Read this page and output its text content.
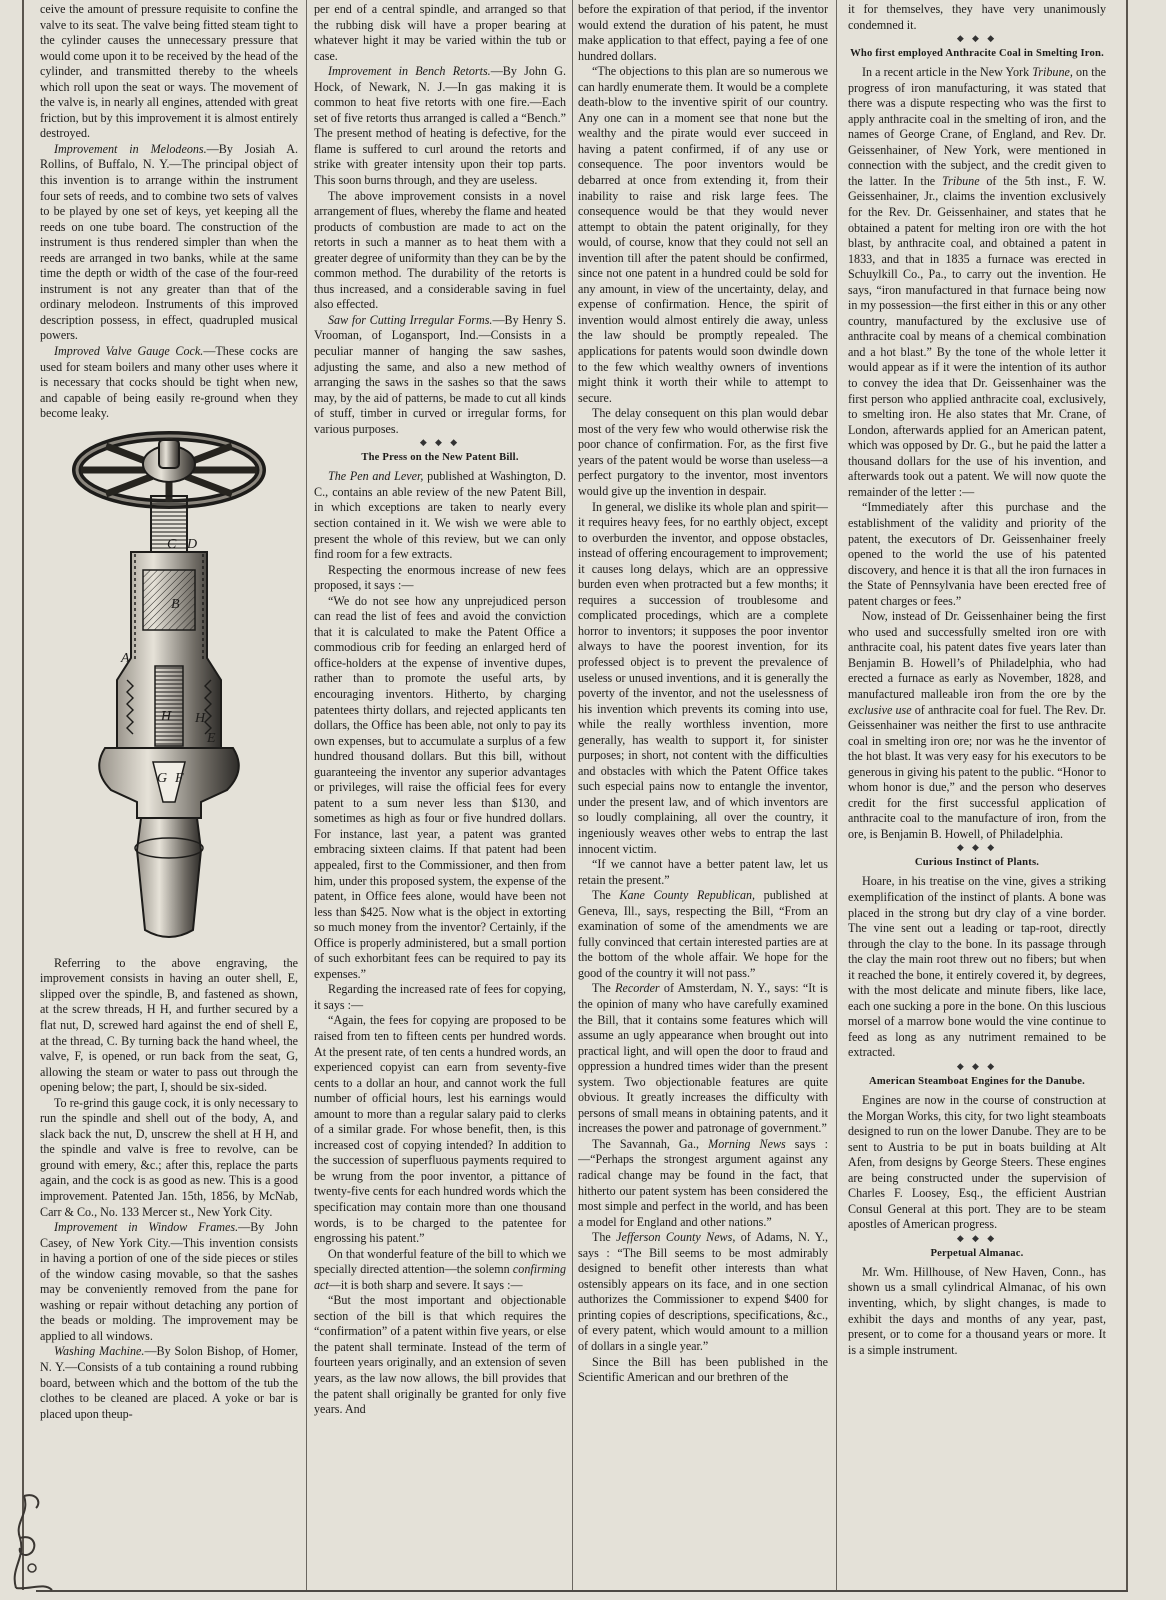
ceive the amount of pressure requisite to confine the valve to its seat. The valve being fitted steam tight to the cylinder causes the unnecessary pressure that would come upon it to be received by the head of the cylinder, and transmitted thereby to the wheels which roll upon the seat or ways. The movement of the valve is, in nearly all engines, attended with great friction, but by this improvement it is almost entirely destroyed.

Improvement in Melodeons.—By Josiah A. Rollins, of Buffalo, N. Y.—The principal object of this invention is to arrange within the instrument four sets of reeds, and to combine two sets of valves to be played by one set of keys, yet keeping all the reeds on one tube board. The construction of the instrument is thus rendered simpler than when the reeds are arranged in two banks, while at the same time the depth or width of the case of the four-reed instrument is not any greater than that of the ordinary melodeon. Instruments of this improved description possess, in effect, quadrupled musical powers.

Improved Valve Gauge Cock.—These cocks are used for steam boilers and many other uses where it is necessary that cocks should be tight when new, and capable of being easily re-ground when they become leaky.

C D
B
A
H H
G F
E

Referring to the above engraving, the improvement consists in having an outer shell, E, slipped over the spindle, B, and fastened as shown, at the screw threads, H H, and further secured by a flat nut, D, screwed hard against the end of shell E, at the thread, C. By turning back the hand wheel, the valve, F, is opened, or run back from the seat, G, allowing the steam or water to pass out through the opening below; the part, I, should be six-sided.

To re-grind this gauge cock, it is only necessary to run the spindle and shell out of the body, A, and slack back the nut, D, unscrew the shell at H H, and the spindle and valve is free to revolve, can be ground with emery, &c.; after this, replace the parts again, and the cock is as good as new. This is a good improvement. Patented Jan. 15th, 1856, by McNab, Carr & Co., No. 133 Mercer st., New York City.

Improvement in Window Frames.—By John Casey, of New York City.—This invention consists in having a portion of one of the side pieces or stiles of the window casing movable, so that the sashes may be conveniently removed from the pane for washing or repair without detaching any portion of the beads or molding. The improvement may be applied to all windows.

Washing Machine.—By Solon Bishop, of Homer, N. Y.—Consists of a tub containing a round rubbing board, between which and the bottom of the tub the clothes to be cleaned are placed. A yoke or bar is placed upon theup-

per end of a central spindle, and arranged so that the rubbing disk will have a proper bearing at whatever hight it may be varied within the tub or case.

Improvement in Bench Retorts.—By John G. Hock, of Newark, N. J.—In gas making it is common to heat five retorts with one fire.—Each set of five retorts thus arranged is called a “Bench.” The present method of heating is defective, for the flame is suffered to curl around the retorts and strike with greater intensity upon their top parts. This soon burns through, and they are useless.

The above improvement consists in a novel arrangement of flues, whereby the flame and heated products of combustion are made to act on the retorts in such a manner as to heat them with a greater degree of uniformity than they can be by the common method. The durability of the retorts is thus increased, and a considerable saving in fuel also effected.

Saw for Cutting Irregular Forms.—By Henry S. Vrooman, of Logansport, Ind.—Consists in a peculiar manner of hanging the saw sashes, adjusting the same, and also a new method of arranging the saws in the sashes so that the saws may, by the aid of patterns, be made to cut all kinds of stuff, timber in curved or irregular forms, for various purposes.

◆ ◆ ◆
The Press on the New Patent Bill.

The Pen and Lever, published at Washington, D. C., contains an able review of the new Patent Bill, in which exceptions are taken to nearly every section contained in it. We wish we were able to present the whole of this review, but we can only find room for a few extracts.

Respecting the enormous increase of new fees proposed, it says :—

“We do not see how any unprejudiced person can read the list of fees and avoid the conviction that it is calculated to make the Patent Office a commodious crib for feeding an enlarged herd of office-holders at the expense of inventive dupes, rather than to promote the useful arts, by encouraging inventors. Hitherto, by charging patentees thirty dollars, and rejected applicants ten dollars, the Office has been able, not only to pay its own expenses, but to accumulate a surplus of a few hundred thousand dollars. But this bill, without guaranteeing the inventor any superior advantages or privileges, will raise the official fees for every patent to a sum never less than $130, and sometimes as high as four or five hundred dollars. For instance, last year, a patent was granted embracing sixteen claims. If that patent had been appealed, first to the Commissioner, and then from him, under this proposed system, the expense of the patent, in Office fees alone, would have been not less than $425. Now what is the object in extorting so much money from the inventor? Certainly, if the Office is properly administered, but a small portion of such exhorbitant fees can be required to pay its expenses.”

Regarding the increased rate of fees for copying, it says :—

“Again, the fees for copying are proposed to be raised from ten to fifteen cents per hundred words. At the present rate, of ten cents a hundred words, an experienced copyist can earn from seventy-five cents to a dollar an hour, and cannot work the full number of official hours, lest his earnings would amount to more than a regular salary paid to clerks of a similar grade. For whose benefit, then, is this increased cost of copying intended? In addition to the succession of superfluous payments required to be wrung from the poor inventor, a pittance of twenty-five cents for each hundred words which the specification may contain more than one thousand words, is to be charged to the patentee for engrossing his patent.”

On that wonderful feature of the bill to which we specially directed attention—the solemn confirming act—it is both sharp and severe. It says :—

“But the most important and objectionable section of the bill is that which requires the “confirmation” of a patent within five years, or else the patent shall terminate. Instead of the term of fourteen years originally, and an extension of seven years, as the law now allows, the bill provides that the patent shall originally be granted for only five years. And

before the expiration of that period, if the inventor would extend the duration of his patent, he must make application to that effect, paying a fee of one hundred dollars.

“The objections to this plan are so numerous we can hardly enumerate them. It would be a complete death-blow to the inventive spirit of our country. Any one can in a moment see that none but the wealthy and the pirate would ever succeed in having a patent confirmed, if of any use or consequence. The poor inventors would be debarred at once from extending it, from their inability to raise and risk large fees. The consequence would be that they would never attempt to obtain the patent originally, for they would, of course, know that they could not sell an invention till after the patent should be confirmed, since not one patent in a hundred could be sold for any amount, in view of the uncertainty, delay, and expense of confirmation. Hence, the spirit of invention would almost entirely die away, unless the law should be promptly repealed. The applications for patents would soon dwindle down to the few which wealthy owners of inventions might think it worth their while to attempt to secure.

The delay consequent on this plan would debar most of the very few who would otherwise risk the poor chance of confirmation. For, as the first five years of the patent would be worse than useless—a perfect purgatory to the inventor, most inventors would give up the invention in despair.

In general, we dislike its whole plan and spirit—it requires heavy fees, for no earthly object, except to overburden the inventor, and oppose obstacles, instead of offering encouragement to improvement; it causes long delays, which are an oppressive burden even when protracted but a few months; it requires a succession of troublesome and complicated procedings, which are a complete horror to inventors; it supposes the poor inventor always to have the poorest invention, for its professed object is to prevent the prevalence of useless or unused inventions, and it is generally the poverty of the inventor, and not the uselessness of his invention which prevents its coming into use, while the really worthless invention, more generally, has wealth to support it, for sinister purposes; in short, not content with the difficulties and obstacles with which the Patent Office takes such especial pains now to entangle the inventor, under the present law, and of which inventors are so loudly complaining, all over the country, it ingeniously weaves other webs to entrap the last innocent victim.

“If we cannot have a better patent law, let us retain the present.”

The Kane County Republican, published at Geneva, Ill., says, respecting the Bill, “From an examination of some of the amendments we are fully convinced that certain interested parties are at the bottom of the whole affair. We hope for the good of the country it will not pass.”

The Recorder of Amsterdam, N. Y., says: “It is the opinion of many who have carefully examined the Bill, that it contains some features which will assume an ugly appearance when brought out into practical light, and will open the door to fraud and oppression a hundred times wider than the present system. Two objectionable features are quite obvious. It greatly increases the difficulty with persons of small means in obtaining patents, and it increases the power and patronage of government.”

The Savannah, Ga., Morning News says :—“Perhaps the strongest argument against any radical change may be found in the fact, that hitherto our patent system has been considered the most simple and perfect in the world, and has been a model for England and other nations.”

The Jefferson County News, of Adams, N. Y., says : “The Bill seems to be most admirably designed to benefit other interests than what ostensibly appears on its face, and in one section authorizes the Commissioner to expend $400 for printing copies of descriptions, specifications, &c., of every patent, which would amount to a million of dollars in a single year.”

Since the Bill has been published in the Scientific American and our brethren of the

it for themselves, they have very unanimously condemned it.

◆ ◆ ◆
Who first employed Anthracite Coal in Smelting Iron.

In a recent article in the New York Tribune, on the progress of iron manufacturing, it was stated that there was a dispute respecting who was the first to apply anthracite coal in the smelting of iron, and the names of George Crane, of England, and Rev. Dr. Geissenhainer, of New York, were mentioned in connection with the subject, and the credit given to the latter. In the Tribune of the 5th inst., F. W. Geissenhainer, Jr., claims the invention exclusively for the Rev. Dr. Geissenhainer, and states that he obtained a patent for melting iron ore with the hot blast, by anthracite coal, and obtained a patent in 1833, and that in 1835 a furnace was erected in Schuylkill Co., Pa., to carry out the invention. He says, “iron manufactured in that furnace being now in my possession—the first either in this or any other country, manufactured by the exclusive use of anthracite coal by means of a chemical combination and a hot blast.” By the tone of the whole letter it would appear as if it were the intention of its author to convey the idea that Dr. Geissenhainer was the first person who applied anthracite coal, exclusively, to smelting iron. He also states that Mr. Crane, of London, afterwards applied for an American patent, which was opposed by Dr. G., but he paid the latter a thousand dollars for the use of his invention, and afterwards took out a patent. We will now quote the remainder of the letter :—

“Immediately after this purchase and the establishment of the validity and priority of the patent, the executors of Dr. Geissenhainer freely opened to the world the use of his patented discovery, and hence it is that all the iron furnaces in the State of Pennsylvania have been erected free of patent charges or fees.”

Now, instead of Dr. Geissenhainer being the first who used and successfully smelted iron ore with anthracite coal, his patent dates five years later than Benjamin B. Howell’s of Philadelphia, who had erected a furnace as early as November, 1828, and manufactured malleable iron from the ore by the exclusive use of anthracite coal for fuel. The Rev. Dr. Geissenhainer was neither the first to use anthracite coal in smelting iron ore; nor was he the inventor of the hot blast. It was very easy for his executors to be generous in giving his patent to the public. “Honor to whom honor is due,” and the person who deserves credit for the first successful application of anthracite coal to the manufacture of iron, from the ore, is Benjamin B. Howell, of Philadelphia.

◆ ◆ ◆
Curious Instinct of Plants.

Hoare, in his treatise on the vine, gives a striking exemplification of the instinct of plants. A bone was placed in the strong but dry clay of a vine border. The vine sent out a leading or tap-root, directly through the clay to the bone. In its passage through the clay the main root threw out no fibers; but when it reached the bone, it entirely covered it, by degrees, with the most delicate and minute fibers, like lace, each one sucking a pore in the bone. On this luscious morsel of a marrow bone would the vine continue to feed as long as any nutriment remained to be extracted.

◆ ◆ ◆
American Steamboat Engines for the Danube.

Engines are now in the course of construction at the Morgan Works, this city, for two light steamboats designed to run on the lower Danube. They are to be sent to Austria to be put in boats building at Alt Afen, from designs by George Steers. These engines are being constructed under the supervision of Charles F. Loosey, Esq., the efficient Austrian Consul General at this port. They are to be steam apostles of American progress.

◆ ◆ ◆
Perpetual Almanac.

Mr. Wm. Hillhouse, of New Haven, Conn., has shown us a small cylindrical Almanac, of his own inventing, which, by slight changes, is made to exhibit the days and months of any year, past, present, or to come for a thousand years or more. It is a simple instrument.
